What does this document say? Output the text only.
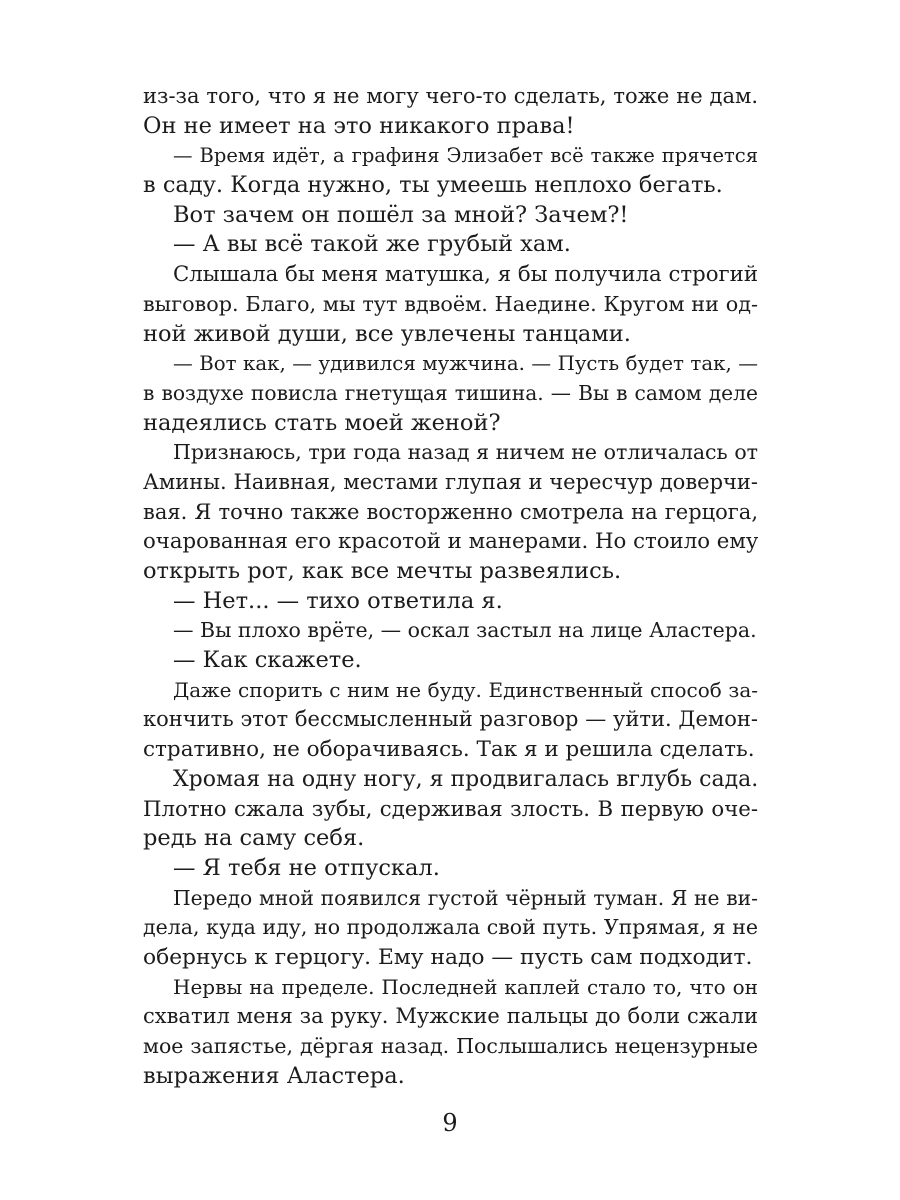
из-за того, что я не могу чего-то сделать, тоже не дам.
Он не имеет на это никакого права!
— Время идёт, а графиня Элизабет всё также прячется
в саду. Когда нужно, ты умеешь неплохо бегать.
Вот зачем он пошёл за мной? Зачем?!
— А вы всё такой же грубый хам.
Слышала бы меня матушка, я бы получила строгий
выговор. Благо, мы тут вдвоём. Наедине. Кругом ни од-
ной живой души, все увлечены танцами.
— Вот как, — удивился мужчина. — Пусть будет так, —
в воздухе повисла гнетущая тишина. — Вы в самом деле
надеялись стать моей женой?
Признаюсь, три года назад я ничем не отличалась от
Амины. Наивная, местами глупая и чересчур доверчи-
вая. Я точно также восторженно смотрела на герцога,
очарованная его красотой и манерами. Но стоило ему
открыть рот, как все мечты развеялись.
— Нет... — тихо ответила я.
— Вы плохо врёте, — оскал застыл на лице Аластера.
— Как скажете.
Даже спорить с ним не буду. Единственный способ за-
кончить этот бессмысленный разговор — уйти. Демон-
стративно, не оборачиваясь. Так я и решила сделать.
Хромая на одну ногу, я продвигалась вглубь сада.
Плотно сжала зубы, сдерживая злость. В первую оче-
редь на саму себя.
— Я тебя не отпускал.
Передо мной появился густой чёрный туман. Я не ви-
дела, куда иду, но продолжала свой путь. Упрямая, я не
обернусь к герцогу. Ему надо — пусть сам подходит.
Нервы на пределе. Последней каплей стало то, что он
схватил меня за руку. Мужские пальцы до боли сжали
мое запястье, дёргая назад. Послышались нецензурные
выражения Аластера.
9
